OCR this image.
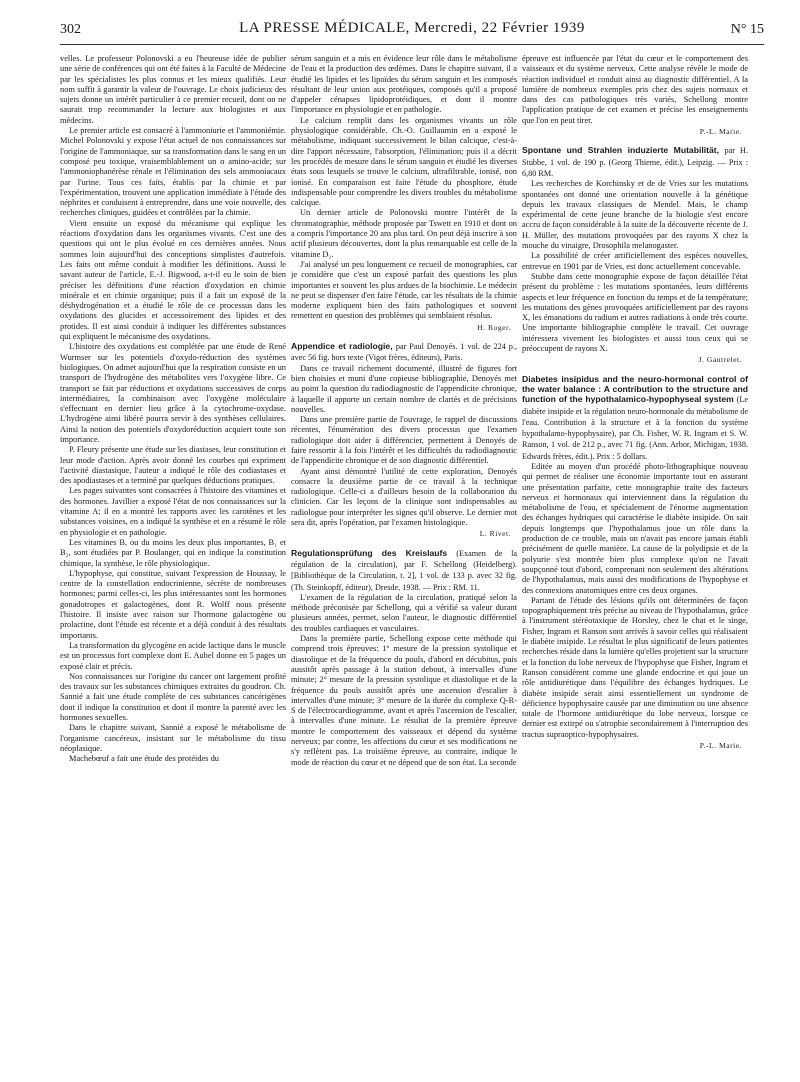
302	LA PRESSE MÉDICALE, Mercredi, 22 Février 1939	N° 15

velles. Le professeur Polonovski a eu l'heureuse idée de publier une série de conférences qui ont été faites à la Faculté de Médecine par les spécialistes les plus connus et les mieux qualifiés. Leur nom suffit à garantir la valeur de l'ouvrage. Le choix judicieux des sujets donne un intérêt particulier à ce premier recueil, dont on ne saurait trop recommander la lecture aux biologistes et aux médecins.

Le premier article est consacré à l'ammoniurie et l'ammoniémie. Michel Polonovski y expose l'état actuel de nos connaissances sur l'origine de l'ammoniaque, sur sa transformation dans le sang en un composé peu toxique, vraisemblablement un α amino-acide; sur l'ammoniophanérèse rénale et l'élimination des sels ammoniacaux par l'urine. Tous ces faits, établis par la chimie et par l'expérimentation, trouvent une application immédiate à l'étude des néphrites et conduisent à entreprendre, dans une voie nouvelle, des recherches cliniques, guidées et contrôlées par la chimie.

Vient ensuite un exposé du mécanisme qui explique les réactions d'oxydation dans les organismes vivants. C'est une des questions qui ont le plus évolué en ces dernières années. Nous sommes loin aujourd'hui des conceptions simplistes d'autrefois. Les faits ont même conduit à modifier les définitions. Aussi le savant auteur de l'article, E.-J. Bigwood, a-t-il eu le soin de bien préciser les définitions d'une réaction d'oxydation en chimie minérale et en chimie organique; puis il a fait un exposé de la déshydrogénation et a étudié le rôle de ce processus dans les oxydations des glucides et accessoirement des lipides et des protides. Il est ainsi conduit à indiquer les différentes substances qui expliquent le mécanisme des oxydations.

L'histoire des oxydations est complétée par une étude de René Wurmser sur les potentiels d'oxydo-réduction des systèmes biologiques. On admet aujourd'hui que la respiration consiste en un transport de l'hydrogène des métabolites vers l'oxygène libre. Ce transport se fait par réductions et oxydations successives de corps intermédiaires, la combinaison avec l'oxygène moléculaire s'effectuant en dernier lieu grâce à la cytochrome-oxydase. L'hydrogène ainsi libéré pourra servir à des synthèses cellulaires. Ainsi la notion des potentiels d'oxydoréduction acquiert toute son importance.

P. Fleury présente une étude sur les diastases, leur constitution et leur mode d'action. Après avoir donné les courbes qui expriment l'activité diastasique, l'auteur a indiqué le rôle des codiastases et des apodiastases et a terminé par quelques déductions pratiques.

Les pages suivantes sont consacrées à l'histoire des vitamines et des hormones. Javillier a exposé l'état de nos connaissances sur la vitamine A; il en a montré les rapports avec les carotènes et les substances voisines, en a indiqué la synthèse et en a résumé le rôle en physiologie et en pathologie.

Les vitamines B, ou du moins les deux plus importantes, B₁ et B₂, sont étudiées par P. Boulanger, qui en indique la constitution chimique, la synthèse, le rôle physiologique.

L'hypophyse, qui constitue, suivant l'expression de Houssay, le centre de la constellation endocrinienne, sécrète de nombreuses hormones; parmi celles-ci, les plus intéressantes sont les hormones gonadotropes et galactogènes, dont R. Wolff nous présente l'histoire. Il insiste avec raison sur l'hormone galactogène ou prolactine, dont l'étude est récente et a déjà conduit à des résultats importants.

La transformation du glycogène en acide lactique dans le muscle est un processus fort complexe dont E. Aubel donne en 5 pages un exposé clair et précis.

Nos connaissances sur l'origine du cancer ont largement profité des travaux sur les substances chimiques extraites du goudron. Ch. Sannié a fait une étude complète de ces substances cancérigènes dont il indique la constitution et dont il montre la parenté avec les hormones sexuelles.

Dans le chapitre suivant, Sannié a exposé le métabolisme de l'organisme cancéreux, insistant sur le métabolisme du tissu néoplasique.

Machebœuf a fait une étude des protéides du

sérum sanguin et a mis en évidence leur rôle dans le métabolisme de l'eau et la production des œdèmes. Dans le chapitre suivant, il a étudié les lipides et les lipoïdes du sérum sanguin et les composés résultant de leur union aux protéiques, composés qu'il a proposé d'appeler cénapses lipidoprotéidiques, et dont il montre l'importance en physiologie et en pathologie.

Le calcium remplit dans les organismes vivants un rôle physiologique considérable. Ch.-O. Guillaumin en a exposé le métabolisme, indiquant successivement le bilan calcique, c'est-à-dire l'apport nécessaire, l'absorption, l'élimination; puis il a décrit les procédés de mesure dans le sérum sanguin et étudié les diverses états sous lesquels se trouve le calcium, ultrafiltrable, ionisé, non ionisé. En comparaison est faite l'étude du phosphore, étude indispensable pour comprendre les divers troubles du métabolisme calcique.

Un dernier article de Polonovski montre l'intérêt de la chromatographie, méthode proposée par Tswett en 1910 et dont on a compris l'importance 20 ans plus tard. On peut déjà inscrire à son actif plusieurs découvertes, dont la plus remarquable est celle de la vitamine D₂.

J'ai analysé un peu longuement ce recueil de monographies, car je considère que c'est un exposé parfait des questions les plus importantes et souvent les plus ardues de la biochimie. Le médecin ne peut se dispenser d'en faire l'étude, car les résultats de la chimie moderne expliquent bien des faits pathologiques et souvent remettent en question des problèmes qui semblaient résolus.

H. Roger.

Appendice et radiologie, par Paul Denoyés. 1 vol. de 224 p., avec 56 fig. hors texte (Vigot frères, éditeurs), Paris.

Dans ce travail richement documenté, illustré de figures fort bien choisies et muni d'une copieuse bibliographie, Denoyés met au point la question du radiodiagnostic de l'appendicite chronique, à laquelle il apporte un certain nombre de clartés et de précisions nouvelles.

Dans une première partie de l'ouvrage, le rappel de discussions récentes, l'énumération des divers processus que l'examen radiologique doit aider à différencier, permettent à Denoyés de faire ressortir à la fois l'intérêt et les difficultés du radiodiagnostic de l'appendicite chronique et de son diagnostic différentiel.

Ayant ainsi démontré l'utilité de cette exploration, Denoyés consacre la deuxième partie de ce travail à la technique radiologique. Celle-ci a d'ailleurs besoin de la collaboration du clinicien. Car les leçons de la clinique sont indispensables au radiologue pour interpréter les signes qu'il observe. Le dernier mot sera dit, après l'opération, par l'examen histologique.

L. Rivet.

Regulationsprüfung des Kreislaufs (Examen de la régulation de la circulation), par F. Schellong (Heidelberg). [Bibliothèque de la Circulation, t. 2], 1 vol. de 133 p. avec 32 fig. (Th. Steinkopff, éditeur), Dresde, 1938. — Prix : RM. 11.

L'examen de la régulation de la circulation, pratiqué selon la méthode préconisée par Schellong, qui a vérifié sa valeur durant plusieurs années, permet, selon l'auteur, le diagnostic différentiel des troubles cardiaques et vasculaires.

Dans la première partie, Schellong expose cette méthode qui comprend trois épreuves: 1° mesure de la pression systolique et diastolique et de la fréquence du pouls, d'abord en décubitus, puis aussitôt après passage à la station debout, à intervalles d'une minute; 2° mesure de la pression systolique et diastolique et de la fréquence du pouls aussitôt après une ascension d'escalier à intervalles d'une minute; 3° mesure de la durée du complexe Q-R-S de l'électrocardiogramme, avant et après l'ascension de l'escalier, à intervalles d'une minute. Le résultat de la première épreuve montre le comportement des vaisseaux et dépend du système nerveux; par contre, les affections du cœur et ses modifications ne s'y reflètent pas. La troisième épreuve, au contraire, indique le mode de réaction du cœur et ne dépend que de son état. La seconde

épreuve est influencée par l'état du cœur et le comportement des vaisseaux et du système nerveux. Cette analyse révèle le mode de réaction individuel et conduit ainsi au diagnostic différentiel. A la lumière de nombreux exemples pris chez des sujets normaux et dans des cas pathologiques très variés, Schellong montre l'application pratique de cet examen et précise les enseignements que l'on en peut tirer.

P.-L. Marie.

Spontane und Strahlen induzierte Mutabilität, par H. Stubbe, 1 vol. de 190 p. (Georg Thieme, édit.), Leipzig. — Prix : 6,80 RM.

Les recherches de Korchinsky et de de Vries sur les mutations spontanées ont donné une orientation nouvelle à la génétique depuis les travaux classiques de Mendel. Mais, le champ expérimental de cette jeune branche de la biologie s'est encore accru de façon considérable à la suite de la découverte récente de J. H. Müller, des mutations provoquées par des rayons X chez la mouche du vinaigre, Drosophila melanogaster.

La possibilité de créer artificiellement des espèces nouvelles, entrevue en 1901 par de Vries, est donc actuellement concevable.

Stubbe dans cette monographie expose de façon détaillée l'état présent du problème : les mutations spontanées, leurs différents aspects et leur fréquence en fonction du temps et de la température; les mutations des gènes provoquées artificiellement par des rayons X, les émanations du radium et autres radiations à onde très courte. Une importante bibliographie complète le travail. Cet ouvrage intéressera vivement les biologistes et aussi tous ceux qui se préoccupent de rayons X.

J. Gautrelet.

Diabetes insipidus and the neuro-hormonal control of the water balance : A contribution to the structure and function of the hypothalamico-hypophyseal system (Le diabète insipide et la régulation neuro-hormonale du métabolisme de l'eau. Contribution à la structure et à la fonction du système hypothalamo-hypophysaire), par Ch. Fisher, W. R. Ingram et S. W. Ranson, 1 vol. de 212 p., avec 71 fig. (Ann. Arbor, Michigan, 1938. Edwards frères, édit.). Prix : 5 dollars.

Editée au moyen d'un procédé photo-lithographique nouveau qui permet de réaliser une économie importante tout en assurant une présentation parfaite, cette monographie traite des facteurs nerveux et hormonaux qui interviennent dans la régulation du métabolisme de l'eau, et spécialement de l'énorme augmentation des échanges hydriques qui caractérise le diabète insipide. On sait depuis longtemps que l'hypothalamus joue un rôle dans la production de ce trouble, mais on n'avait pas encore jamais établi précisément de quelle manière. La cause de la polydipsie et de la polyurie s'est montrée bien plus complexe qu'on ne l'avait soupçonné tout d'abord, comprenant non seulement des altérations de l'hypothalamus, mais aussi des modifications de l'hypophyse et des connexions anatomiques entre ces deux organes.

Partant de l'étude des lésions qu'ils ont déterminées de façon topographiquement très précise au niveau de l'hypothalamus, grâce à l'instrument stéréotaxique de Horsley, chez le chat et le singe, Fisher, Ingram et Ranson sont arrivés à savoir celles qui réalisaient le diabète insipide. Le résultat le plus significatif de leurs patientes recherches réside dans la lumière qu'elles projettent sur la structure et la fonction du lobe nerveux de l'hypophyse que Fisher, Ingram et Ranson considèrent comme une glande endocrine et qui joue un rôle antidiurétique dans l'équilibre des échanges hydriques. Le diabète insipide serait ainsi essentiellement un syndrome de déficience hypophysaire causée par une diminution ou une absence totale de l'hormone antidiurétique du lobe nerveux, lorsque ce dernier est extirpé ou s'atrophie secondairement à l'interruption des tractus supraoptico-hypophysaires.

P.-L. Marie.
